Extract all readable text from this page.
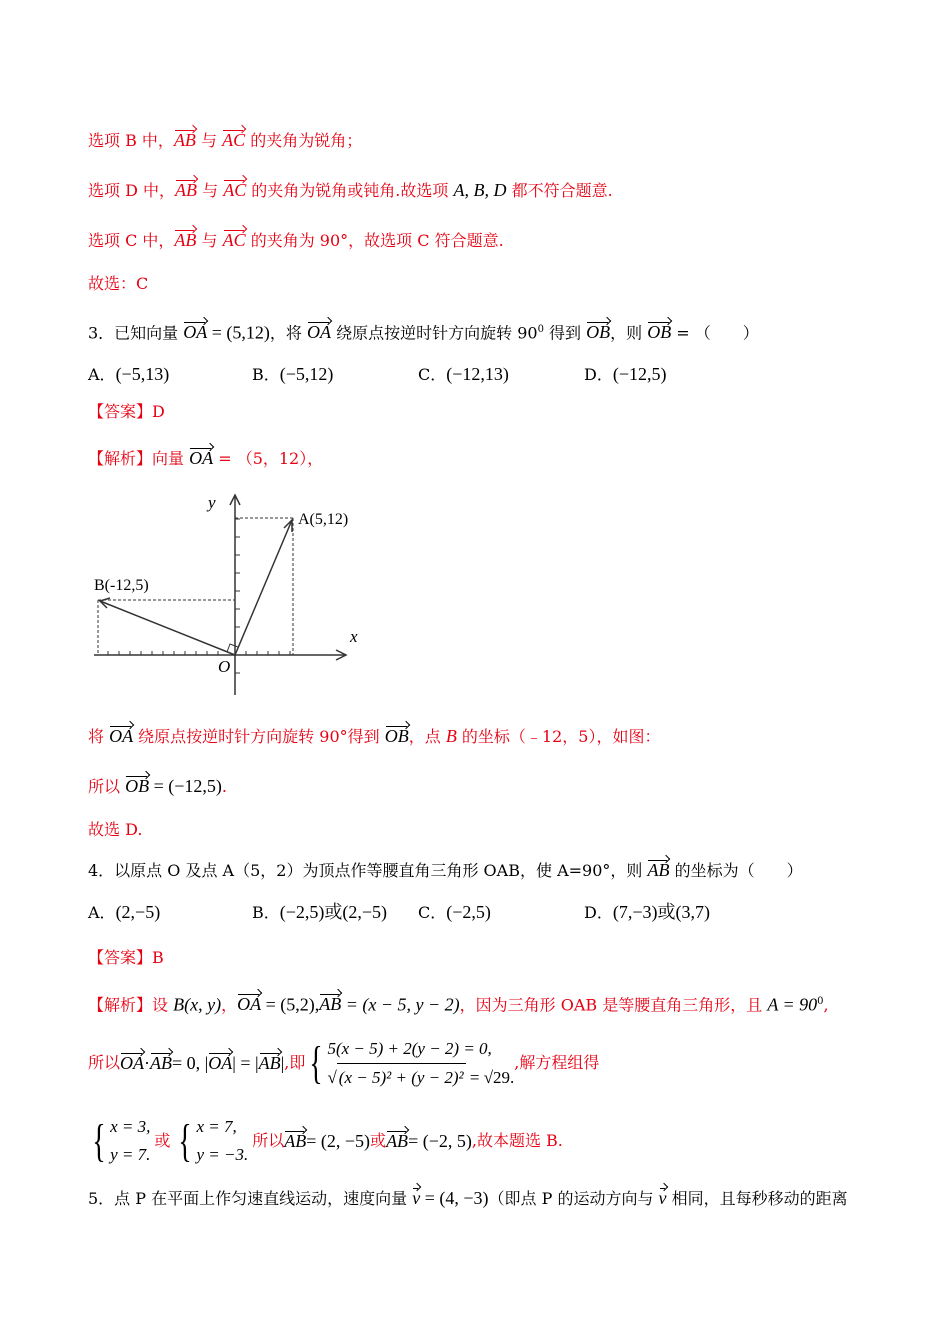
选项 B 中，AB 与 AC 的夹角为锐角；
选项 D 中，AB 与 AC 的夹角为锐角或钝角.故选项 A, B, D 都不符合题意.
选项 C 中，AB 与 AC 的夹角为 90°，故选项 C 符合题意.
故选：C
3．已知向量 OA = (5,12)，将 OA 绕原点按逆时针方向旋转 $90^0$ 得到 OB，则 OB = （　　）
A．(−5,13)	B．(−5,12)	C．(−12,13)	D．(−12,5)
【答案】D
【解析】向量 OA = （5，12），
y
x
O
A(5,12)
B(-12,5)
将 OA 绕原点按逆时针方向旋转 90°得到 OB，点 B 的坐标（﹣12，5），如图：
所以 OB = (−12,5).
故选 D.
4．以原点 O 及点 A（5，2）为顶点作等腰直角三角形 OAB，使 A=90°，则 AB 的坐标为（　　）
A．(2,−5)	B．(−2,5)或(2,−5) C．(−2,5)	D．(7,−3)或(3,7)
【答案】B
【解析】设 B(x, y)，OA = (5,2),AB = (x − 5, y − 2)，因为三角形 OAB 是等腰直角三角形，且 $A = 90^0$,
所以 OA · AB = 0, | OA | = | AB | ,即 { 5(x − 5) + 2(y − 2) = 0,
√ (x − 5)² + (y − 2)² = √29.
,解方程组得
{ x = 3,
y = 7.
或 { x = 7,
y = −3.
所以 AB = (2, −5) 或 AB = (−2, 5) ,故本题选 B.
5．点 P 在平面上作匀速直线运动，速度向量 v = (4, −3)（即点 P 的运动方向与 v 相同，且每秒移动的距离
